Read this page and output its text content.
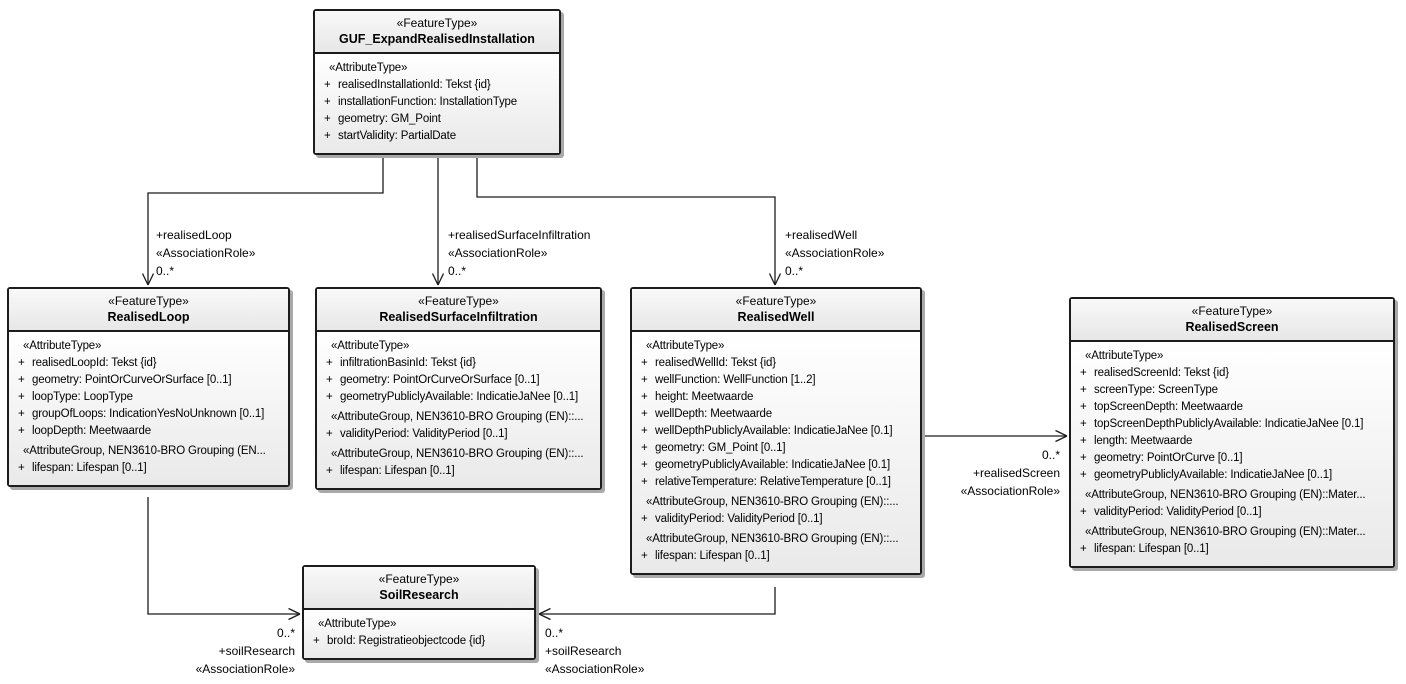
«FeatureType»
GUF_ExpandRealisedInstallation
«AttributeType»
+ realisedInstallationId: Tekst {id}
+ installationFunction: InstallationType
+ geometry: GM_Point
+ startValidity: PartialDate
«FeatureType»
RealisedLoop
«AttributeType»
+ realisedLoopId: Tekst {id}
+ geometry: PointOrCurveOrSurface [0..1]
+ loopType: LoopType
+ groupOfLoops: IndicationYesNoUnknown [0..1]
+ loopDepth: Meetwaarde
«AttributeGroup, NEN3610-BRO Grouping (EN...
+ lifespan: Lifespan [0..1]
«FeatureType»
RealisedSurfaceInfiltration
«AttributeType»
+ infiltrationBasinId: Tekst {id}
+ geometry: PointOrCurveOrSurface [0..1]
+ geometryPubliclyAvailable: IndicatieJaNee [0..1]
«AttributeGroup, NEN3610-BRO Grouping (EN)::...
+ validityPeriod: ValidityPeriod [0..1]
«AttributeGroup, NEN3610-BRO Grouping (EN)::...
+ lifespan: Lifespan [0..1]
«FeatureType»
RealisedWell
«AttributeType»
+ realisedWellId: Tekst {id}
+ wellFunction: WellFunction [1..2]
+ height: Meetwaarde
+ wellDepth: Meetwaarde
+ wellDepthPubliclyAvailable: IndicatieJaNee [0.1]
+ geometry: GM_Point [0..1]
+ geometryPubliclyAvailable: IndicatieJaNee [0.1]
+ relativeTemperature: RelativeTemperature [0..1]
«AttributeGroup, NEN3610-BRO Grouping (EN)::...
+ validityPeriod: ValidityPeriod [0..1]
«AttributeGroup, NEN3610-BRO Grouping (EN)::...
+ lifespan: Lifespan [0..1]
«FeatureType»
RealisedScreen
«AttributeType»
+ realisedScreenId: Tekst {id}
+ screenType: ScreenType
+ topScreenDepth: Meetwaarde
+ topScreenDepthPubliclyAvailable: IndicatieJaNee [0.1]
+ length: Meetwaarde
+ geometry: PointOrCurve [0..1]
+ geometryPubliclyAvailable: IndicatieJaNee [0..1]
«AttributeGroup, NEN3610-BRO Grouping (EN)::Mater...
+ validityPeriod: ValidityPeriod [0..1]
«AttributeGroup, NEN3610-BRO Grouping (EN)::Mater...
+ lifespan: Lifespan [0..1]
«FeatureType»
SoilResearch
«AttributeType»
+ broId: Registratieobjectcode {id}
+realisedLoop
«AssociationRole»
0..*
+realisedSurfaceInfiltration
«AssociationRole»
0..*
+realisedWell
«AssociationRole»
0..*
0..*
+realisedScreen
«AssociationRole»
0..*
+soilResearch
«AssociationRole»
0..*
+soilResearch
«AssociationRole»
